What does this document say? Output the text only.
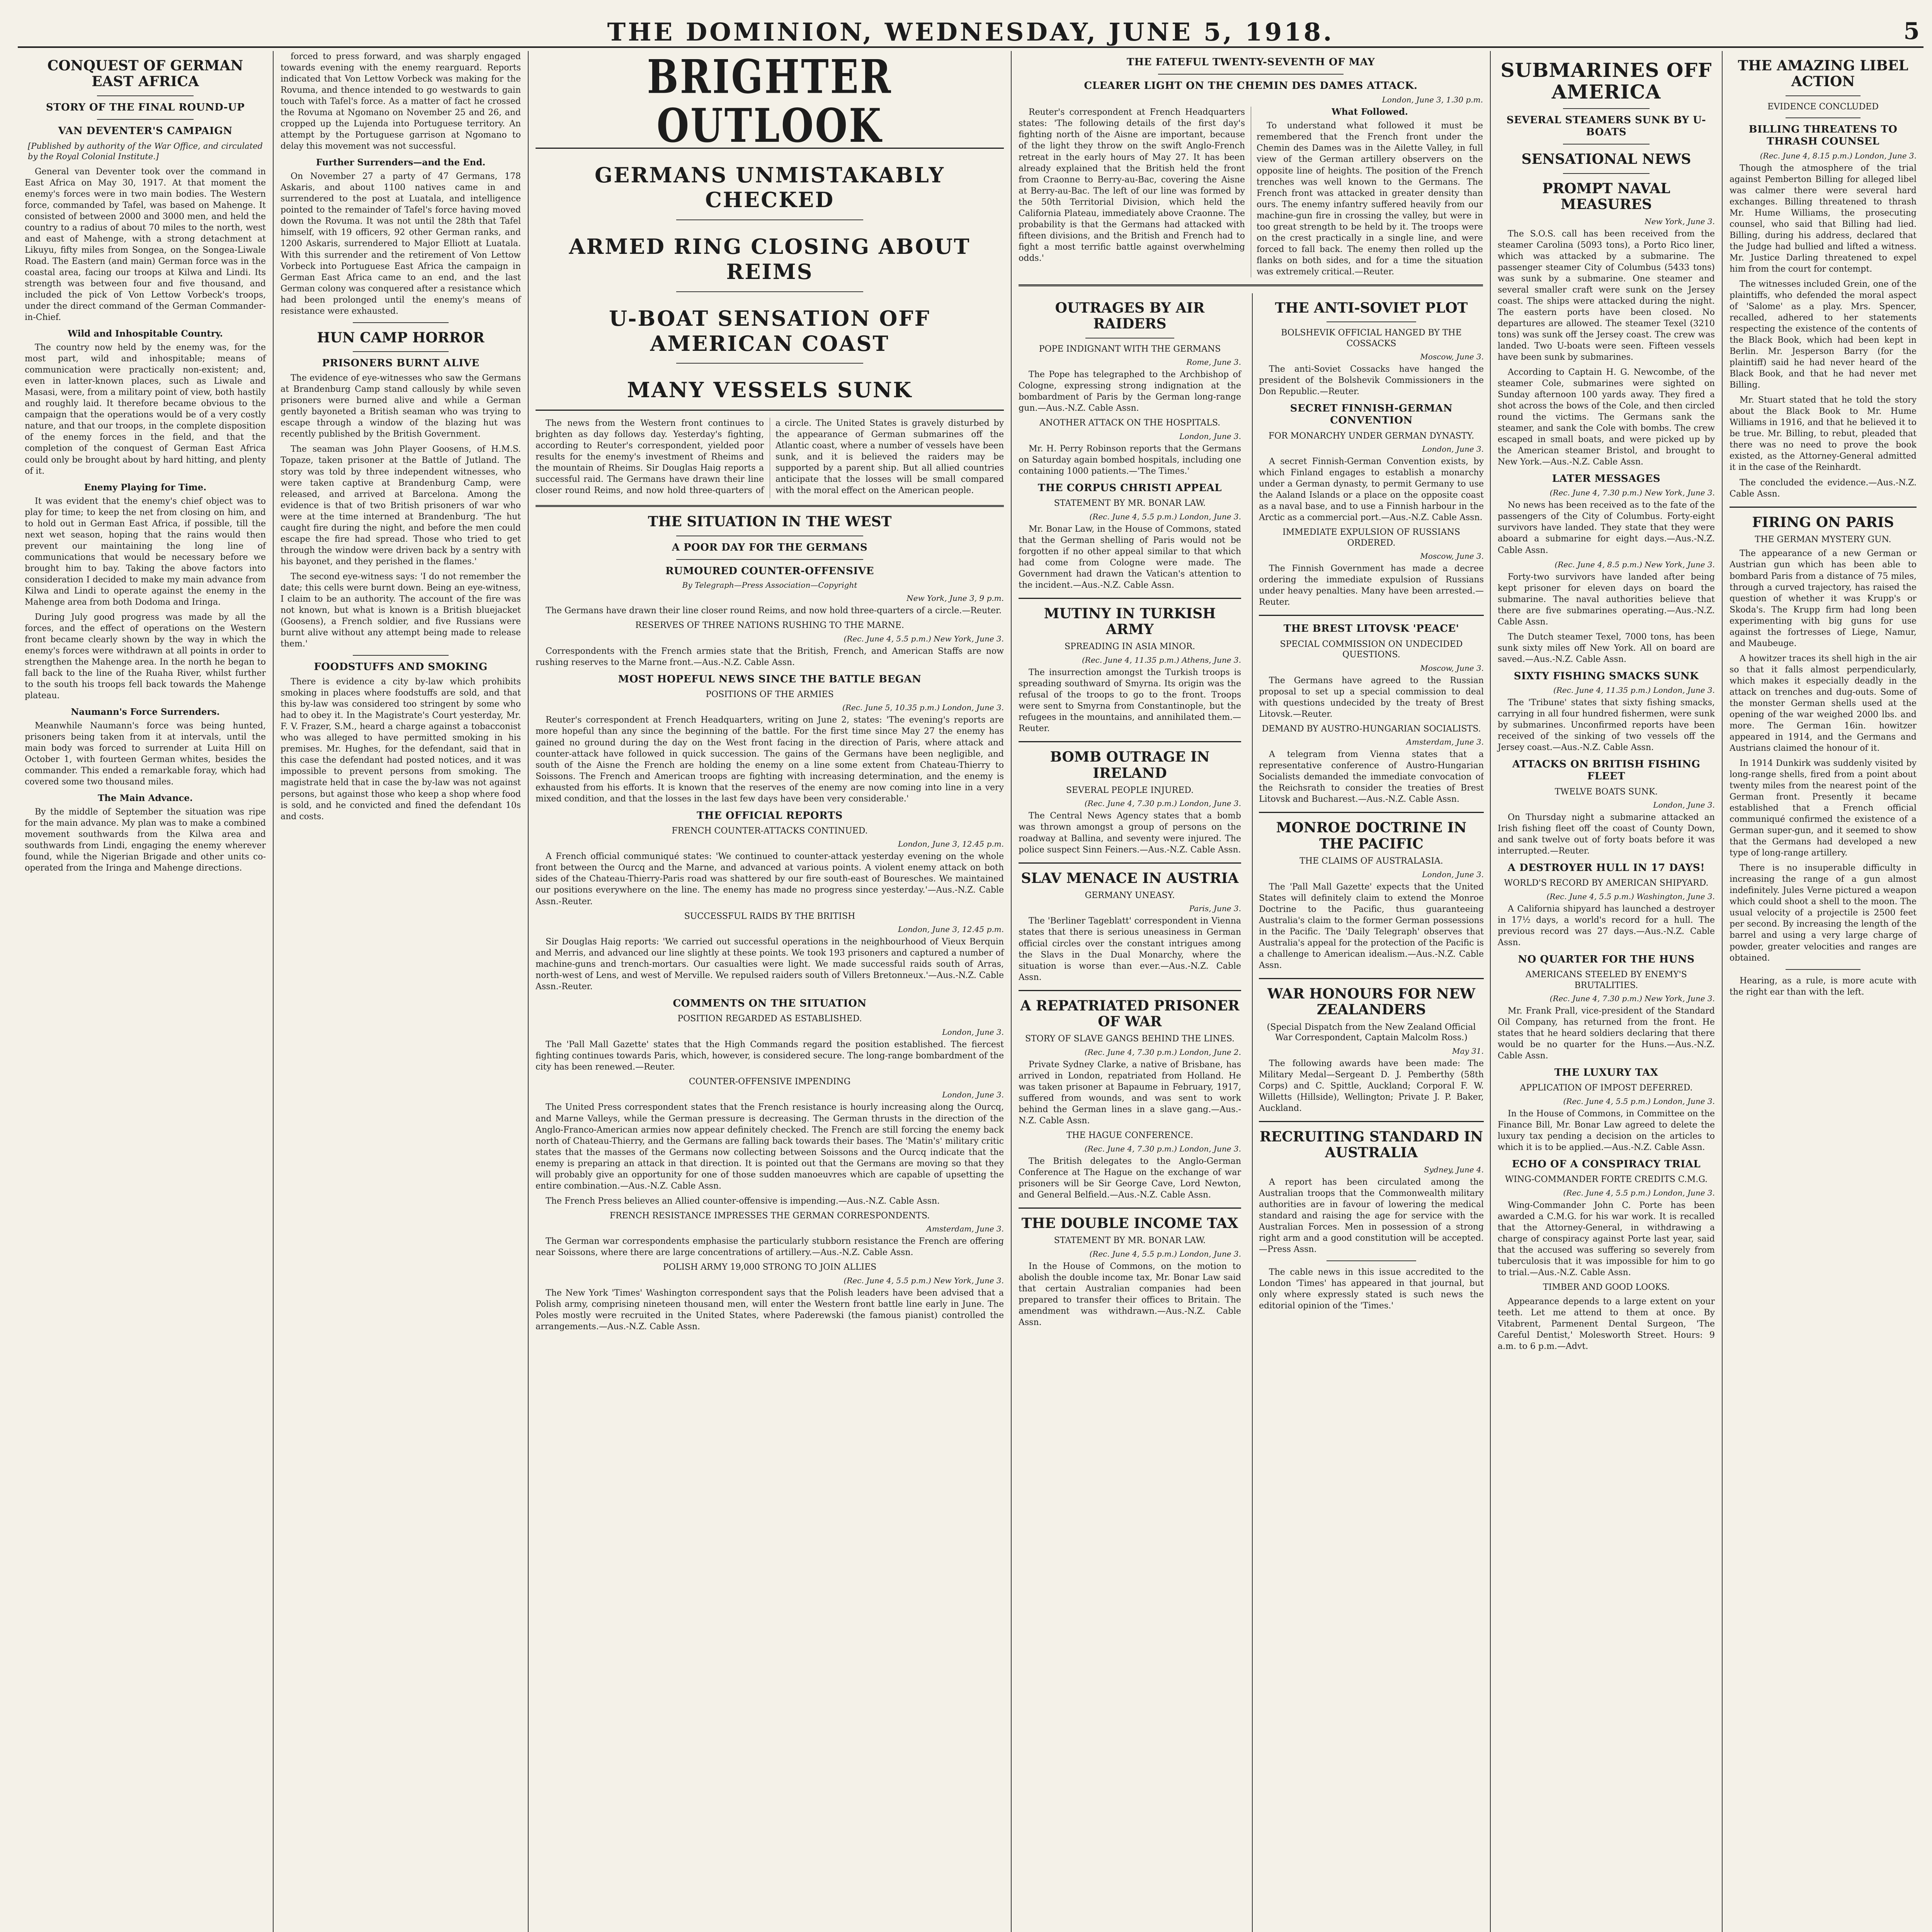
THE DOMINION, WEDNESDAY, JUNE 5, 1918.	5
CONQUEST OF GERMAN EAST AFRICA
STORY OF THE FINAL ROUND-UP
VAN DEVENTER'S CAMPAIGN
[Published by authority of the War Office, and circulated by the Royal Colonial Institute.]

General van Deventer took over the command in East Africa on May 30, 1917. At that moment the enemy's forces were in two main bodies. The Western force, commanded by Tafel, was based on Mahenge. It consisted of between 2000 and 3000 men, and held the country to a radius of about 70 miles to the north, west and east of Mahenge, with a strong detachment at Likuyu, fifty miles from Songea, on the Songea-Liwale Road. The Eastern (and main) German force was in the coastal area, facing our troops at Kilwa and Lindi. Its strength was between four and five thousand, and included the pick of Von Lettow Vorbeck's troops, under the direct command of the German Commander-in-Chief.

Wild and Inhospitable Country.

The country now held by the enemy was, for the most part, wild and inhospitable; means of communication were practically non-existent; and, even in latter-known places, such as Liwale and Masasi, were, from a military point of view, both hastily and roughly laid. It therefore became obvious to the campaign that the operations would be of a very costly nature, and that our troops, in the complete disposition of the enemy forces in the field, and that the completion of the conquest of German East Africa could only be brought about by hard hitting, and plenty of it.

Enemy Playing for Time.

It was evident that the enemy's chief object was to play for time; to keep the net from closing on him, and to hold out in German East Africa, if possible, till the next wet season, hoping that the rains would then prevent our maintaining the long line of communications that would be necessary before we brought him to bay. Taking the above factors into consideration I decided to make my main advance from Kilwa and Lindi to operate against the enemy in the Mahenge area from both Dodoma and Iringa.

During July good progress was made by all the forces, and the effect of operations on the Western front became clearly shown by the way in which the enemy's forces were withdrawn at all points in order to strengthen the Mahenge area. In the north he began to fall back to the line of the Ruaha River, whilst further to the south his troops fell back towards the Mahenge plateau.

Naumann's Force Surrenders.

Meanwhile Naumann's force was being hunted, prisoners being taken from it at intervals, until the main body was forced to surrender at Luita Hill on October 1, with fourteen German whites, besides the commander. This ended a remarkable foray, which had covered some two thousand miles.

The Main Advance.

By the middle of September the situation was ripe for the main advance. My plan was to make a combined movement southwards from the Kilwa area and southwards from Lindi, engaging the enemy wherever found, while the Nigerian Brigade and other units co-operated from the Iringa and Mahenge directions.

forced to press forward, and was sharply engaged towards evening with the enemy rearguard. Reports indicated that Von Lettow Vorbeck was making for the Rovuma, and thence intended to go westwards to gain touch with Tafel's force. As a matter of fact he crossed the Rovuma at Ngomano on November 25 and 26, and cropped up the Lujenda into Portuguese territory. An attempt by the Portuguese garrison at Ngomano to delay this movement was not successful.

Further Surrenders—and the End.

On November 27 a party of 47 Germans, 178 Askaris, and about 1100 natives came in and surrendered to the post at Luatala, and intelligence pointed to the remainder of Tafel's force having moved down the Rovuma. It was not until the 28th that Tafel himself, with 19 officers, 92 other German ranks, and 1200 Askaris, surrendered to Major Elliott at Luatala. With this surrender and the retirement of Von Lettow Vorbeck into Portuguese East Africa the campaign in German East Africa came to an end, and the last German colony was conquered after a resistance which had been prolonged until the enemy's means of resistance were exhausted.

HUN CAMP HORROR
PRISONERS BURNT ALIVE

The evidence of eye-witnesses who saw the Germans at Brandenburg Camp stand callously by while seven prisoners were burned alive and while a German gently bayoneted a British seaman who was trying to escape through a window of the blazing hut was recently published by the British Government.

The seaman was John Player Goosens, of H.M.S. Topaze, taken prisoner at the Battle of Jutland. The story was told by three independent witnesses, who were taken captive at Brandenburg Camp, were released, and arrived at Barcelona. Among the evidence is that of two British prisoners of war who were at the time interned at Brandenburg. 'The hut caught fire during the night, and before the men could escape the fire had spread. Those who tried to get through the window were driven back by a sentry with his bayonet, and they perished in the flames.'

The second eye-witness says: 'I do not remember the date; this cells were burnt down. Being an eye-witness, I claim to be an authority. The account of the fire was not known, but what is known is a British bluejacket (Goosens), a French soldier, and five Russians were burnt alive without any attempt being made to release them.'

FOODSTUFFS AND SMOKING

There is evidence a city by-law which prohibits smoking in places where foodstuffs are sold, and that this by-law was considered too stringent by some who had to obey it. In the Magistrate's Court yesterday, Mr. F. V. Frazer, S.M., heard a charge against a tobacconist who was alleged to have permitted smoking in his premises. Mr. Hughes, for the defendant, said that in this case the defendant had posted notices, and it was impossible to prevent persons from smoking. The magistrate held that in case the by-law was not against persons, but against those who keep a shop where food is sold, and he convicted and fined the defendant 10s and costs.

BRIGHTER OUTLOOK
GERMANS UNMISTAKABLY CHECKED
ARMED RING CLOSING ABOUT REIMS
U-BOAT SENSATION OFF AMERICAN COAST
MANY VESSELS SUNK

The news from the Western front continues to brighten as day follows day. Yesterday's fighting, according to Reuter's correspondent, yielded poor results for the enemy's investment of Rheims and the mountain of Rheims. Sir Douglas Haig reports a successful raid. The Germans have drawn their line closer round Reims, and now hold three-quarters of a circle. The United States is gravely disturbed by the appearance of German submarines off the Atlantic coast, where a number of vessels have been sunk, and it is believed the raiders may be supported by a parent ship. But all allied countries anticipate that the losses will be small compared with the moral effect on the American people.

THE SITUATION IN THE WEST
A POOR DAY FOR THE GERMANS
RUMOURED COUNTER-OFFENSIVE
By Telegraph—Press Association—Copyright
New York, June 3, 9 p.m.

The Germans have drawn their line closer round Reims, and now hold three-quarters of a circle.—Reuter.

RESERVES OF THREE NATIONS RUSHING TO THE MARNE.
(Rec. June 4, 5.5 p.m.) New York, June 3.

Correspondents with the French armies state that the British, French, and American Staffs are now rushing reserves to the Marne front.—Aus.-N.Z. Cable Assn.

MOST HOPEFUL NEWS SINCE THE BATTLE BEGAN
POSITIONS OF THE ARMIES
(Rec. June 5, 10.35 p.m.) London, June 3.

Reuter's correspondent at French Headquarters, writing on June 2, states: 'The evening's reports are more hopeful than any since the beginning of the battle. For the first time since May 27 the enemy has gained no ground during the day on the West front facing in the direction of Paris, where attack and counter-attack have followed in quick succession. The gains of the Germans have been negligible, and south of the Aisne the French are holding the enemy on a line some extent from Chateau-Thierry to Soissons. The French and American troops are fighting with increasing determination, and the enemy is exhausted from his efforts. It is known that the reserves of the enemy are now coming into line in a very mixed condition, and that the losses in the last few days have been very considerable.'

THE OFFICIAL REPORTS
FRENCH COUNTER-ATTACKS CONTINUED.
London, June 3, 12.45 p.m.

A French official communiqué states: 'We continued to counter-attack yesterday evening on the whole front between the Ourcq and the Marne, and advanced at various points. A violent enemy attack on both sides of the Chateau-Thierry-Paris road was shattered by our fire south-east of Bouresches. We maintained our positions everywhere on the line. The enemy has made no progress since yesterday.'—Aus.-N.Z. Cable Assn.-Reuter.

SUCCESSFUL RAIDS BY THE BRITISH
London, June 3, 12.45 p.m.

Sir Douglas Haig reports: 'We carried out successful operations in the neighbourhood of Vieux Berquin and Merris, and advanced our line slightly at these points. We took 193 prisoners and captured a number of machine-guns and trench-mortars. Our casualties were light. We made successful raids south of Arras, north-west of Lens, and west of Merville. We repulsed raiders south of Villers Bretonneux.'—Aus.-N.Z. Cable Assn.-Reuter.

COMMENTS ON THE SITUATION
POSITION REGARDED AS ESTABLISHED.
London, June 3.

The 'Pall Mall Gazette' states that the High Commands regard the position established. The fiercest fighting continues towards Paris, which, however, is considered secure. The long-range bombardment of the city has been renewed.—Reuter.

COUNTER-OFFENSIVE IMPENDING
London, June 3.

The United Press correspondent states that the French resistance is hourly increasing along the Ourcq, and Marne Valleys, while the German pressure is decreasing. The German thrusts in the direction of the Anglo-Franco-American armies now appear definitely checked. The French are still forcing the enemy back north of Chateau-Thierry, and the Germans are falling back towards their bases. The 'Matin's' military critic states that the masses of the Germans now collecting between Soissons and the Ourcq indicate that the enemy is preparing an attack in that direction. It is pointed out that the Germans are moving so that they will probably give an opportunity for one of those sudden manoeuvres which are capable of upsetting the entire combination.—Aus.-N.Z. Cable Assn.

The French Press believes an Allied counter-offensive is impending.—Aus.-N.Z. Cable Assn.

FRENCH RESISTANCE IMPRESSES THE GERMAN CORRESPONDENTS.
Amsterdam, June 3.

The German war correspondents emphasise the particularly stubborn resistance the French are offering near Soissons, where there are large concentrations of artillery.—Aus.-N.Z. Cable Assn.

POLISH ARMY 19,000 STRONG TO JOIN ALLIES
(Rec. June 4, 5.5 p.m.) New York, June 3.

The New York 'Times' Washington correspondent says that the Polish leaders have been advised that a Polish army, comprising nineteen thousand men, will enter the Western front battle line early in June. The Poles mostly were recruited in the United States, where Paderewski (the famous pianist) controlled the arrangements.—Aus.-N.Z. Cable Assn.

THE FATEFUL TWENTY-SEVENTH OF MAY
CLEARER LIGHT ON THE CHEMIN DES DAMES ATTACK.
London, June 3, 1.30 p.m.

Reuter's correspondent at French Headquarters states: 'The following details of the first day's fighting north of the Aisne are important, because of the light they throw on the swift Anglo-French retreat in the early hours of May 27. It has been already explained that the British held the front from Craonne to Berry-au-Bac, covering the Aisne at Berry-au-Bac. The left of our line was formed by the 50th Territorial Division, which held the California Plateau, immediately above Craonne. The probability is that the Germans had attacked with fifteen divisions, and the British and French had to fight a most terrific battle against overwhelming odds.'

What Followed.

To understand what followed it must be remembered that the French front under the Chemin des Dames was in the Ailette Valley, in full view of the German artillery observers on the opposite line of heights. The position of the French trenches was well known to the Germans. The French front was attacked in greater density than ours. The enemy infantry suffered heavily from our machine-gun fire in crossing the valley, but were in too great strength to be held by it. The troops were on the crest practically in a single line, and were forced to fall back. The enemy then rolled up the flanks on both sides, and for a time the situation was extremely critical.—Reuter.

OUTRAGES BY AIR RAIDERS
POPE INDIGNANT WITH THE GERMANS
Rome, June 3.

The Pope has telegraphed to the Archbishop of Cologne, expressing strong indignation at the bombardment of Paris by the German long-range gun.—Aus.-N.Z. Cable Assn.

ANOTHER ATTACK ON THE HOSPITALS.
London, June 3.

Mr. H. Perry Robinson reports that the Germans on Saturday again bombed hospitals, including one containing 1000 patients.—'The Times.'

THE CORPUS CHRISTI APPEAL
STATEMENT BY MR. BONAR LAW.
(Rec. June 4, 5.5 p.m.) London, June 3.

Mr. Bonar Law, in the House of Commons, stated that the German shelling of Paris would not be forgotten if no other appeal similar to that which had come from Cologne were made. The Government had drawn the Vatican's attention to the incident.—Aus.-N.Z. Cable Assn.

MUTINY IN TURKISH ARMY
SPREADING IN ASIA MINOR.
(Rec. June 4, 11.35 p.m.) Athens, June 3.

The insurrection amongst the Turkish troops is spreading southward of Smyrna. Its origin was the refusal of the troops to go to the front. Troops were sent to Smyrna from Constantinople, but the refugees in the mountains, and annihilated them.—Reuter.

BOMB OUTRAGE IN IRELAND
SEVERAL PEOPLE INJURED.
(Rec. June 4, 7.30 p.m.) London, June 3.

The Central News Agency states that a bomb was thrown amongst a group of persons on the roadway at Ballina, and seventy were injured. The police suspect Sinn Feiners.—Aus.-N.Z. Cable Assn.

SLAV MENACE IN AUSTRIA
GERMANY UNEASY.
Paris, June 3.

The 'Berliner Tageblatt' correspondent in Vienna states that there is serious uneasiness in German official circles over the constant intrigues among the Slavs in the Dual Monarchy, where the situation is worse than ever.—Aus.-N.Z. Cable Assn.

A REPATRIATED PRISONER OF WAR
STORY OF SLAVE GANGS BEHIND THE LINES.
(Rec. June 4, 7.30 p.m.) London, June 2.

Private Sydney Clarke, a native of Brisbane, has arrived in London, repatriated from Holland. He was taken prisoner at Bapaume in February, 1917, suffered from wounds, and was sent to work behind the German lines in a slave gang.—Aus.-N.Z. Cable Assn.

THE HAGUE CONFERENCE.
(Rec. June 4, 7.30 p.m.) London, June 3.

The British delegates to the Anglo-German Conference at The Hague on the exchange of war prisoners will be Sir George Cave, Lord Newton, and General Belfield.—Aus.-N.Z. Cable Assn.

THE DOUBLE INCOME TAX
STATEMENT BY MR. BONAR LAW.
(Rec. June 4, 5.5 p.m.) London, June 3.

In the House of Commons, on the motion to abolish the double income tax, Mr. Bonar Law said that certain Australian companies had been prepared to transfer their offices to Britain. The amendment was withdrawn.—Aus.-N.Z. Cable Assn.

THE ANTI-SOVIET PLOT
BOLSHEVIK OFFICIAL HANGED BY THE COSSACKS
Moscow, June 3.

The anti-Soviet Cossacks have hanged the president of the Bolshevik Commissioners in the Don Republic.—Reuter.

SECRET FINNISH-GERMAN CONVENTION
FOR MONARCHY UNDER GERMAN DYNASTY.
London, June 3.

A secret Finnish-German Convention exists, by which Finland engages to establish a monarchy under a German dynasty, to permit Germany to use the Aaland Islands or a place on the opposite coast as a naval base, and to use a Finnish harbour in the Arctic as a commercial port.—Aus.-N.Z. Cable Assn.

IMMEDIATE EXPULSION OF RUSSIANS ORDERED.
Moscow, June 3.

The Finnish Government has made a decree ordering the immediate expulsion of Russians under heavy penalties. Many have been arrested.—Reuter.

THE BREST LITOVSK 'PEACE'
SPECIAL COMMISSION ON UNDECIDED QUESTIONS.
Moscow, June 3.

The Germans have agreed to the Russian proposal to set up a special commission to deal with questions undecided by the treaty of Brest Litovsk.—Reuter.

DEMAND BY AUSTRO-HUNGARIAN SOCIALISTS.
Amsterdam, June 3.

A telegram from Vienna states that a representative conference of Austro-Hungarian Socialists demanded the immediate convocation of the Reichsrath to consider the treaties of Brest Litovsk and Bucharest.—Aus.-N.Z. Cable Assn.

MONROE DOCTRINE IN THE PACIFIC
THE CLAIMS OF AUSTRALASIA.
London, June 3.

The 'Pall Mall Gazette' expects that the United States will definitely claim to extend the Monroe Doctrine to the Pacific, thus guaranteeing Australia's claim to the former German possessions in the Pacific. The 'Daily Telegraph' observes that Australia's appeal for the protection of the Pacific is a challenge to American idealism.—Aus.-N.Z. Cable Assn.

WAR HONOURS FOR NEW ZEALANDERS
(Special Dispatch from the New Zealand Official War Correspondent, Captain Malcolm Ross.)
May 31.

The following awards have been made: The Military Medal—Sergeant D. J. Pemberthy (58th Corps) and C. Spittle, Auckland; Corporal F. W. Willetts (Hillside), Wellington; Private J. P. Baker, Auckland.

RECRUITING STANDARD IN AUSTRALIA
Sydney, June 4.

A report has been circulated among the Australian troops that the Commonwealth military authorities are in favour of lowering the medical standard and raising the age for service with the Australian Forces. Men in possession of a strong right arm and a good constitution will be accepted.—Press Assn.

The cable news in this issue accredited to the London 'Times' has appeared in that journal, but only where expressly stated is such news the editorial opinion of the 'Times.'

SUBMARINES OFF AMERICA
SEVERAL STEAMERS SUNK BY U-BOATS
SENSATIONAL NEWS
PROMPT NAVAL MEASURES
New York, June 3.

The S.O.S. call has been received from the steamer Carolina (5093 tons), a Porto Rico liner, which was attacked by a submarine. The passenger steamer City of Columbus (5433 tons) was sunk by a submarine. One steamer and several smaller craft were sunk on the Jersey coast. The ships were attacked during the night. The eastern ports have been closed. No departures are allowed. The steamer Texel (3210 tons) was sunk off the Jersey coast. The crew was landed. Two U-boats were seen. Fifteen vessels have been sunk by submarines.

According to Captain H. G. Newcombe, of the steamer Cole, submarines were sighted on Sunday afternoon 100 yards away. They fired a shot across the bows of the Cole, and then circled round the victims. The Germans sank the steamer, and sank the Cole with bombs. The crew escaped in small boats, and were picked up by the American steamer Bristol, and brought to New York.—Aus.-N.Z. Cable Assn.

LATER MESSAGES
(Rec. June 4, 7.30 p.m.) New York, June 3.

No news has been received as to the fate of the passengers of the City of Columbus. Forty-eight survivors have landed. They state that they were aboard a submarine for eight days.—Aus.-N.Z. Cable Assn.

(Rec. June 4, 8.5 p.m.) New York, June 3.

Forty-two survivors have landed after being kept prisoner for eleven days on board the submarine. The naval authorities believe that there are five submarines operating.—Aus.-N.Z. Cable Assn.

The Dutch steamer Texel, 7000 tons, has been sunk sixty miles off New York. All on board are saved.—Aus.-N.Z. Cable Assn.

SIXTY FISHING SMACKS SUNK
(Rec. June 4, 11.35 p.m.) London, June 3.

The 'Tribune' states that sixty fishing smacks, carrying in all four hundred fishermen, were sunk by submarines. Unconfirmed reports have been received of the sinking of two vessels off the Jersey coast.—Aus.-N.Z. Cable Assn.

ATTACKS ON BRITISH FISHING FLEET
TWELVE BOATS SUNK.
London, June 3.

On Thursday night a submarine attacked an Irish fishing fleet off the coast of County Down, and sank twelve out of forty boats before it was interrupted.—Reuter.

A DESTROYER HULL IN 17 DAYS!
WORLD'S RECORD BY AMERICAN SHIPYARD.
(Rec. June 4, 5.5 p.m.) Washington, June 3.

A California shipyard has launched a destroyer in 17½ days, a world's record for a hull. The previous record was 27 days.—Aus.-N.Z. Cable Assn.

NO QUARTER FOR THE HUNS
AMERICANS STEELED BY ENEMY'S BRUTALITIES.
(Rec. June 4, 7.30 p.m.) New York, June 3.

Mr. Frank Prall, vice-president of the Standard Oil Company, has returned from the front. He states that he heard soldiers declaring that there would be no quarter for the Huns.—Aus.-N.Z. Cable Assn.

THE LUXURY TAX
APPLICATION OF IMPOST DEFERRED.
(Rec. June 4, 5.5 p.m.) London, June 3.

In the House of Commons, in Committee on the Finance Bill, Mr. Bonar Law agreed to delete the luxury tax pending a decision on the articles to which it is to be applied.—Aus.-N.Z. Cable Assn.

ECHO OF A CONSPIRACY TRIAL
WING-COMMANDER FORTE CREDITS C.M.G.
(Rec. June 4, 5.5 p.m.) London, June 3.

Wing-Commander John C. Porte has been awarded a C.M.G. for his war work. It is recalled that the Attorney-General, in withdrawing a charge of conspiracy against Porte last year, said that the accused was suffering so severely from tuberculosis that it was impossible for him to go to trial.—Aus.-N.Z. Cable Assn.

TIMBER AND GOOD LOOKS.

Appearance depends to a large extent on your teeth. Let me attend to them at once. By Vitabrent, Parmenent Dental Surgeon, 'The Careful Dentist,' Molesworth Street. Hours: 9 a.m. to 6 p.m.—Advt.

THE AMAZING LIBEL ACTION
EVIDENCE CONCLUDED
BILLING THREATENS TO THRASH COUNSEL
(Rec. June 4, 8.15 p.m.) London, June 3.

Though the atmosphere of the trial against Pemberton Billing for alleged libel was calmer there were several hard exchanges. Billing threatened to thrash Mr. Hume Williams, the prosecuting counsel, who said that Billing had lied. Billing, during his address, declared that the Judge had bullied and lifted a witness. Mr. Justice Darling threatened to expel him from the court for contempt.

The witnesses included Grein, one of the plaintiffs, who defended the moral aspect of 'Salome' as a play. Mrs. Spencer, recalled, adhered to her statements respecting the existence of the contents of the Black Book, which had been kept in Berlin. Mr. Jesperson Barry (for the plaintiff) said he had never heard of the Black Book, and that he had never met Billing.

Mr. Stuart stated that he told the story about the Black Book to Mr. Hume Williams in 1916, and that he believed it to be true. Mr. Billing, to rebut, pleaded that there was no need to prove the book existed, as the Attorney-General admitted it in the case of the Reinhardt.

The concluded the evidence.—Aus.-N.Z. Cable Assn.

FIRING ON PARIS
THE GERMAN MYSTERY GUN.

The appearance of a new German or Austrian gun which has been able to bombard Paris from a distance of 75 miles, through a curved trajectory, has raised the question of whether it was Krupp's or Skoda's. The Krupp firm had long been experimenting with big guns for use against the fortresses of Liege, Namur, and Maubeuge.

A howitzer traces its shell high in the air so that it falls almost perpendicularly, which makes it especially deadly in the attack on trenches and dug-outs. Some of the monster German shells used at the opening of the war weighed 2000 lbs. and more. The German 16in. howitzer appeared in 1914, and the Germans and Austrians claimed the honour of it.

In 1914 Dunkirk was suddenly visited by long-range shells, fired from a point about twenty miles from the nearest point of the German front. Presently it became established that a French official communiqué confirmed the existence of a German super-gun, and it seemed to show that the Germans had developed a new type of long-range artillery.

There is no insuperable difficulty in increasing the range of a gun almost indefinitely. Jules Verne pictured a weapon which could shoot a shell to the moon. The usual velocity of a projectile is 2500 feet per second. By increasing the length of the barrel and using a very large charge of powder, greater velocities and ranges are obtained.

Hearing, as a rule, is more acute with the right ear than with the left.
